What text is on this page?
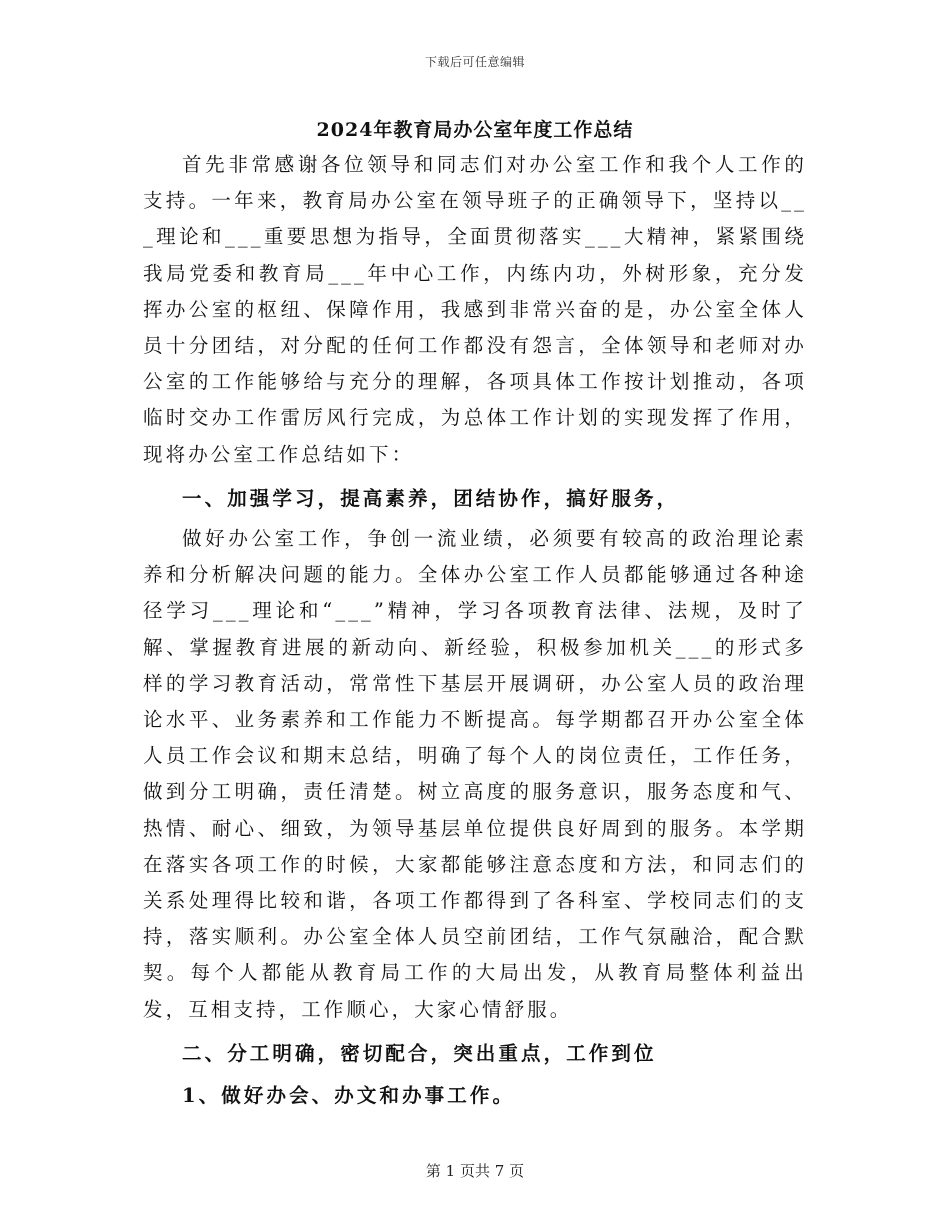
下载后可任意编辑
2024年教育局办公室年度工作总结

首先非常感谢各位领导和同志们对办公室工作和我个人工作的支持。一年来，教育局办公室在领导班子的正确领导下，坚持以___理论和___重要思想为指导，全面贯彻落实___大精神，紧紧围绕我局党委和教育局___年中心工作，内练内功，外树形象，充分发挥办公室的枢纽、保障作用，我感到非常兴奋的是，办公室全体人员十分团结，对分配的任何工作都没有怨言，全体领导和老师对办公室的工作能够给与充分的理解，各项具体工作按计划推动，各项临时交办工作雷厉风行完成，为总体工作计划的实现发挥了作用，现将办公室工作总结如下：

一、加强学习，提高素养，团结协作，搞好服务，

做好办公室工作，争创一流业绩，必须要有较高的政治理论素养和分析解决问题的能力。全体办公室工作人员都能够通过各种途径学习___理论和“___”精神，学习各项教育法律、法规，及时了解、掌握教育进展的新动向、新经验，积极参加机关___的形式多样的学习教育活动，常常性下基层开展调研，办公室人员的政治理论水平、业务素养和工作能力不断提高。每学期都召开办公室全体人员工作会议和期末总结，明确了每个人的岗位责任，工作任务，做到分工明确，责任清楚。树立高度的服务意识，服务态度和气、热情、耐心、细致，为领导基层单位提供良好周到的服务。本学期在落实各项工作的时候，大家都能够注意态度和方法，和同志们的关系处理得比较和谐，各项工作都得到了各科室、学校同志们的支持，落实顺利。办公室全体人员空前团结，工作气氛融洽，配合默契。每个人都能从教育局工作的大局出发，从教育局整体利益出发，互相支持，工作顺心，大家心情舒服。

二、分工明确，密切配合，突出重点，工作到位

1、做好办会、办文和办事工作。

第 1 页共 7 页
